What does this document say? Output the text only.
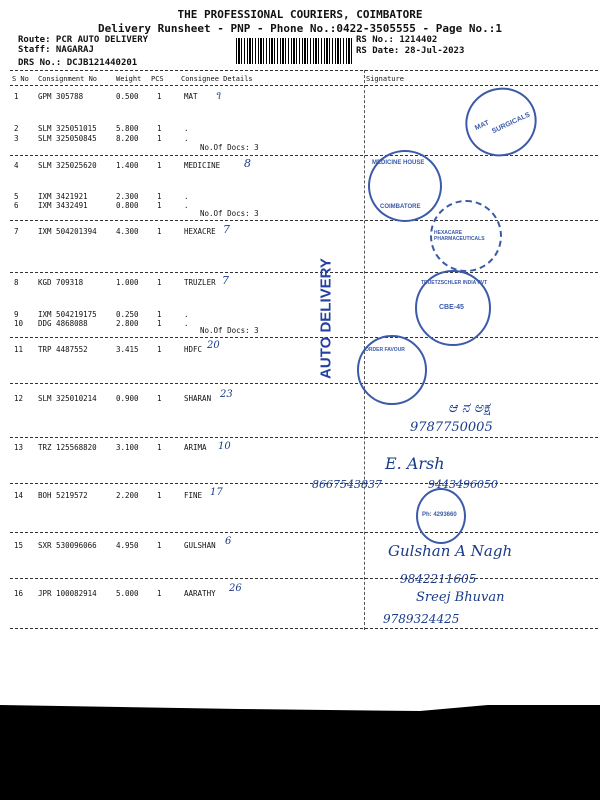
THE PROFESSIONAL COURIERS, COIMBATORE
Delivery Runsheet - PNP - Phone No.:0422-3505555 - Page No.:1
Route: PCR AUTO DELIVERY
Staff: NAGARAJ
DRS No.: DCJB121440201
RS No.: 1214402
RS Date: 28-Jul-2023
S No Consignment No	Weight PCS Consignee Details	Signature
1	GPM 305788	0.500 1	MAT
2	SLM 325051015	5.800 1	.
3	SLM 325050845	8.200 1	.
4	SLM 325025620	1.400 1	MEDICINE
5	IXM 3421921	2.300 1	.
6	IXM 3432491	0.800 1	.
7	IXM 504201394	4.300 1	HEXACRE
8	KGD 709318	1.000 1	TRUZLER
9	IXM 504219175	0.250 1	.
10 DDG 4868088	2.800 1	.
11 TRP 4487552	3.415 1	HDFC
12 SLM 325010214	0.900 1	SHARAN
13 TRZ 125568820	3.100 1	ARIMA
14 BOH 5219572	2.200 1	FINE
15 SXR 530096066	4.950 1	GULSHAN
16 JPR 100082914	5.000 1	AARATHY
No.Of Docs: 3
No.Of Docs: 3
No.Of Docs: 3
૧
8
7
7
20
23
10
17
6
26
AUTO DELIVERY
MAT SURGICALS
MEDICINE HOUSE
COIMBATORE
HEXACARE PHARMACEUTICALS
TRUETZSCHLER INDIA PVT
CBE-45
ORDER FAVOUR
Ph: 4293660
ಆ ನ ಅಕ್ಷ
9787750005
E. Arsh
8667543837	9443496050
Gulshan A Nagh
9842211605
Sreej Bhuvan
9789324425
